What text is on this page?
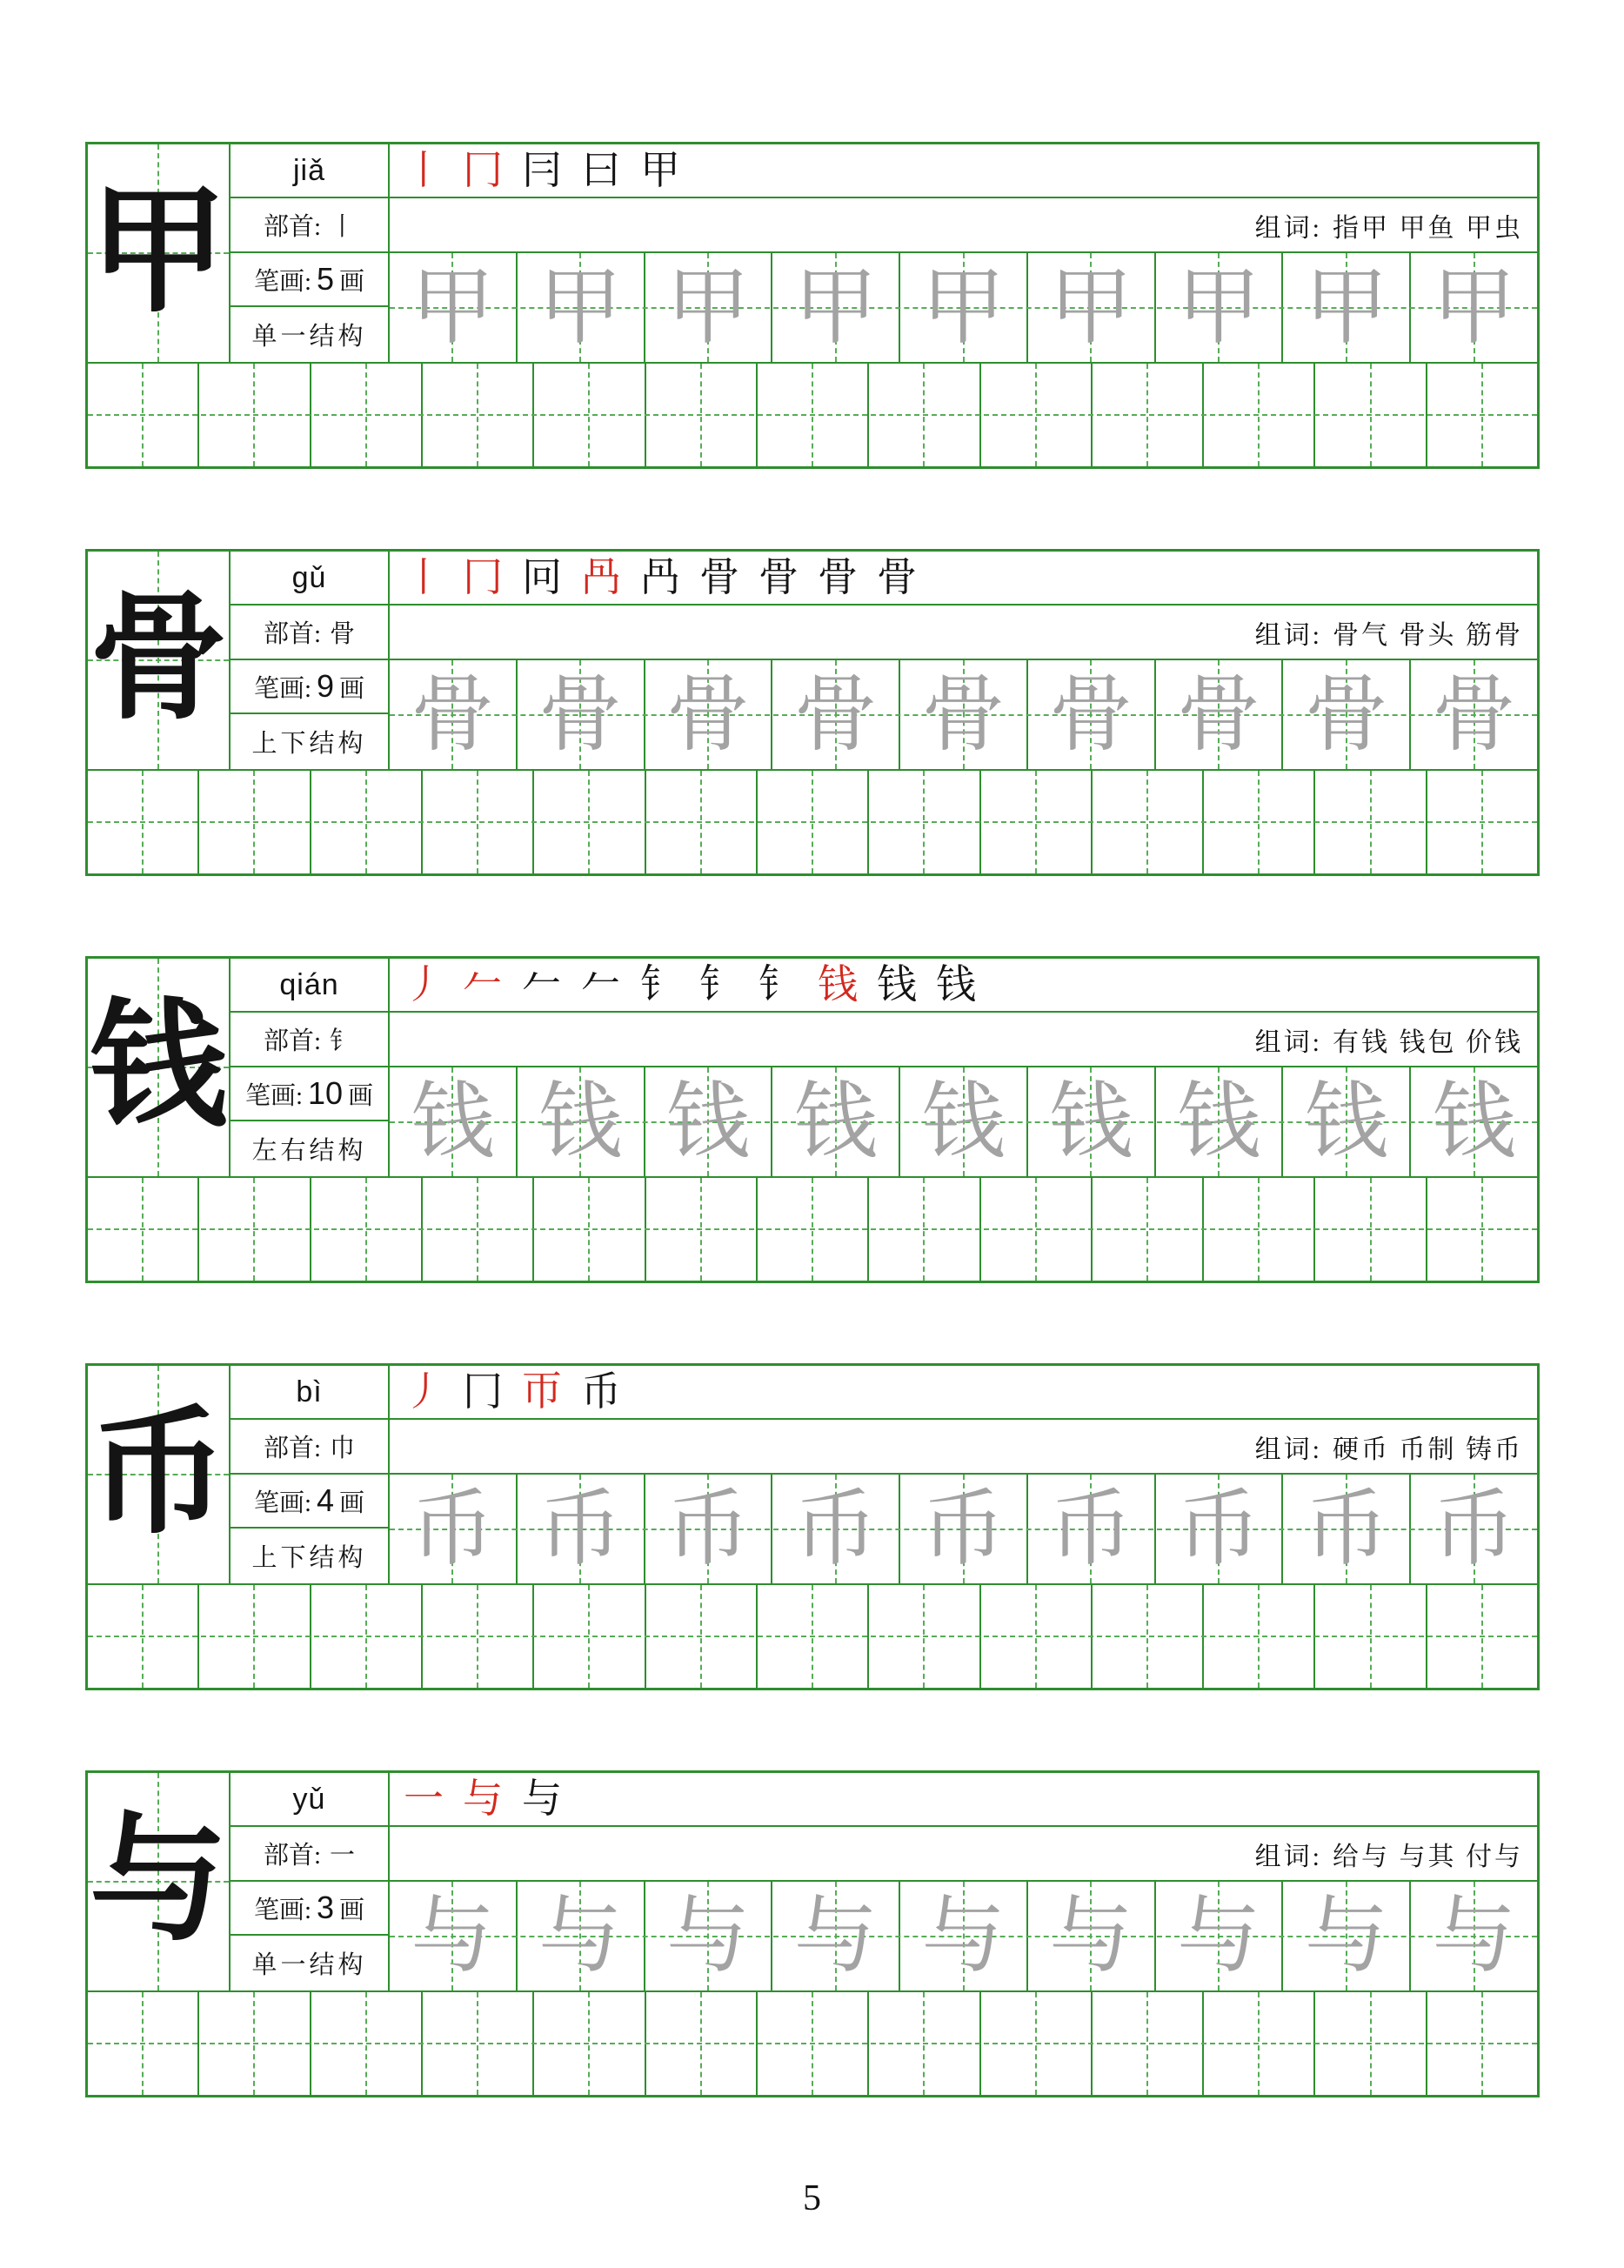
甲
jiǎ
部首: 丨
笔画: 5 画
单一结构
丨 冂 冃 曰 甲
组词: 指甲 甲鱼 甲虫
甲 甲 甲 甲 甲 甲 甲 甲 甲
骨
gǔ
部首: 骨
笔画: 9 画
上下结构
丨 冂 冋 冎 冎 骨 骨 骨 骨
组词: 骨气 骨头 筋骨
骨 骨 骨 骨 骨 骨 骨 骨 骨
钱
qián
部首: 钅
笔画: 10 画
左右结构
丿 𠂉 𠂉 𠂉 钅 钅 钅 钱 钱 钱
组词: 有钱 钱包 价钱
钱 钱 钱 钱 钱 钱 钱 钱 钱
币
bì
部首: 巾
笔画: 4 画
上下结构
丿 冂 帀 币
组词: 硬币 币制 铸币
币 币 币 币 币 币 币 币 币
与
yǔ
部首: 一
笔画: 3 画
单一结构
一 与 与
组词: 给与 与其 付与
与 与 与 与 与 与 与 与 与
5
